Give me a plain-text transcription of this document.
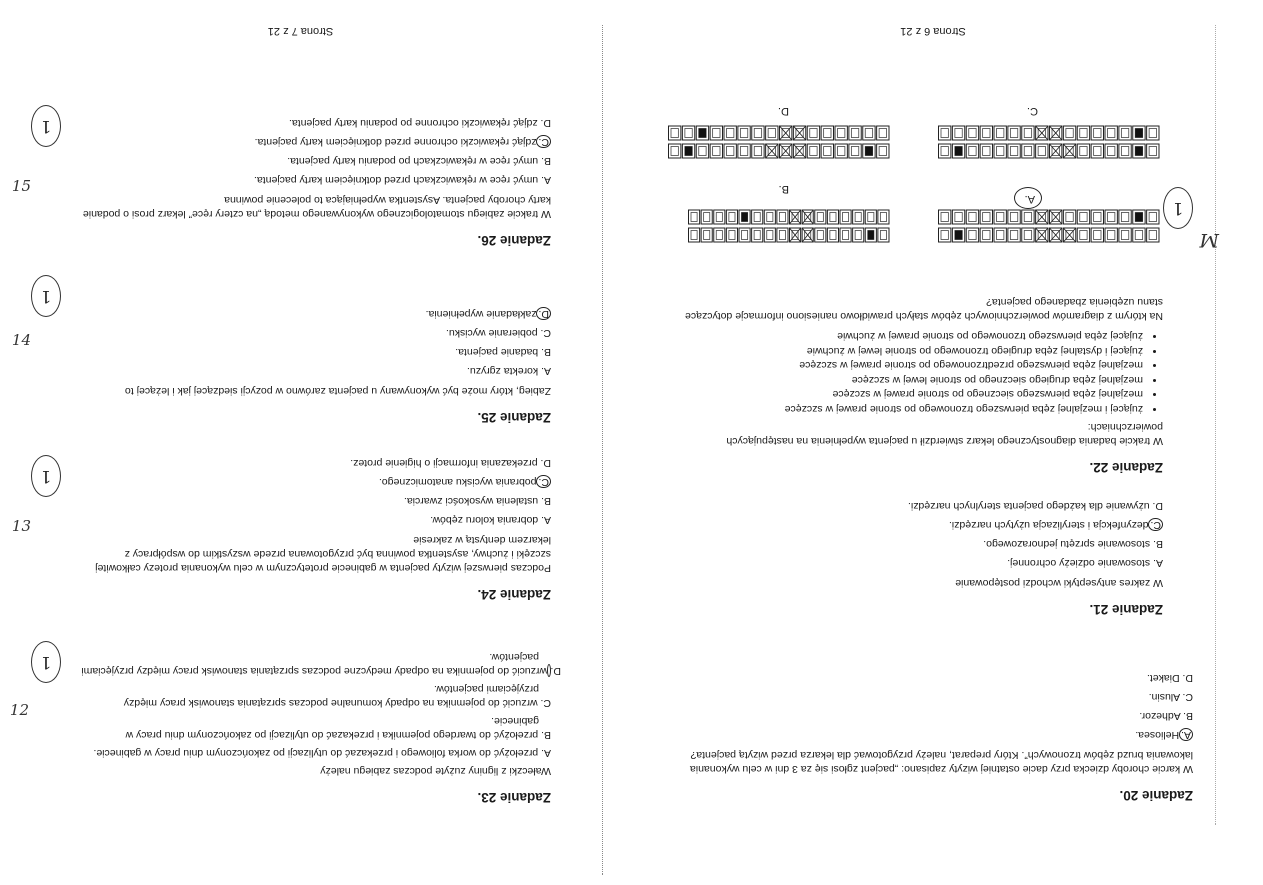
Zadanie 20.
W karcie choroby dziecka przy dacie ostatniej wizyty zapisano: „pacjent zgłosi się za 3 dni w celu wykonania lakowania bruzd zębów trzonowych”. Który preparat, należy przygotować dla lekarza przed wizytą pacjenta?
A.Heliosea.
B. Adhezor.
C. Alusin.
D. Diaket.
Zadanie 21.
W zakres antyseptyki wchodzi postępowanie
A. stosowanie odzieży ochronnej.
B. stosowanie sprzętu jednorazowego.
C.dezynfekcja i sterylizacja użytych narzędzi.
D. używanie dla każdego pacjenta sterylnych narzędzi.
Zadanie 22.
W trakcie badania diagnostycznego lekarz stwierdził u pacjenta wypełnienia na następujących powierzchniach:
• żującej i mezjalnej zęba pierwszego trzonowego po stronie prawej w szczęce
• mezjalnej zęba pierwszego siecznego po stronie prawej w szczęce
• mezjalnej zęba drugiego siecznego po stronie lewej w szczęce
• mezjalnej zęba pierwszego przedtrzonowego po stronie prawej w szczęce
• żującej i dystalnej zęba drugiego trzonowego po stronie lewej w żuchwie
• żującej zęba pierwszego trzonowego po stronie prawej w żuchwie
Na którym z diagramów powierzchniowych zębów stałych prawidłowo naniesiono informacje dotyczące stanu uzębienia zbadanego pacjenta?
A.
B.
C.
D.
1
M
Strona 6 z 21
Zadanie 23.
Wałeczki z ligniny zużyte podczas zabiegu należy
A. przełożyć do worka foliowego i przekazać do utylizacji po zakończonym dniu pracy w gabinecie.
B. przełożyć do twardego pojemnika i przekazać do utylizacji po zakończonym dniu pracy w gabinecie.
C. wrzucić do pojemnika na odpady komunalne podczas sprzątania stanowisk pracy między przyjęciami pacjentów.
D.wrzucić do pojemnika na odpady medyczne podczas sprzątania stanowisk pracy między przyjęciami pacjentów.
12
1
Zadanie 24.
Podczas pierwszej wizyty pacjenta w gabinecie protetycznym w celu wykonania protezy całkowitej szczęki i żuchwy, asystentka powinna być przygotowana przede wszystkim do współpracy z lekarzem dentystą w zakresie
A. dobrania koloru zębów.
B. ustalenia wysokości zwarcia.
C.pobrania wycisku anatomicznego.
D. przekazania informacji o higienie protez.
13
1
Zadanie 25.
Zabieg, który może być wykonywany u pacjenta zarówno w pozycji siedzącej jak i leżącej to
A. korekta zgryzu.
B. badanie pacjenta.
C. pobieranie wycisku.
D.zakładanie wypełnienia.
14
1
Zadanie 26.
W trakcie zabiegu stomatologicznego wykonywanego metodą „na cztery ręce” lekarz prosi o podanie karty choroby pacjenta. Asystentka wypełniająca to polecenie powinna
A. umyć ręce w rękawiczkach przed dotknięciem karty pacjenta.
B. umyć ręce w rękawiczkach po podaniu karty pacjenta.
C.zdjąć rękawiczki ochronne przed dotknięciem karty pacjenta.
D. zdjąć rękawiczki ochronne po podaniu karty pacjenta.
15
1
Strona 7 z 21
